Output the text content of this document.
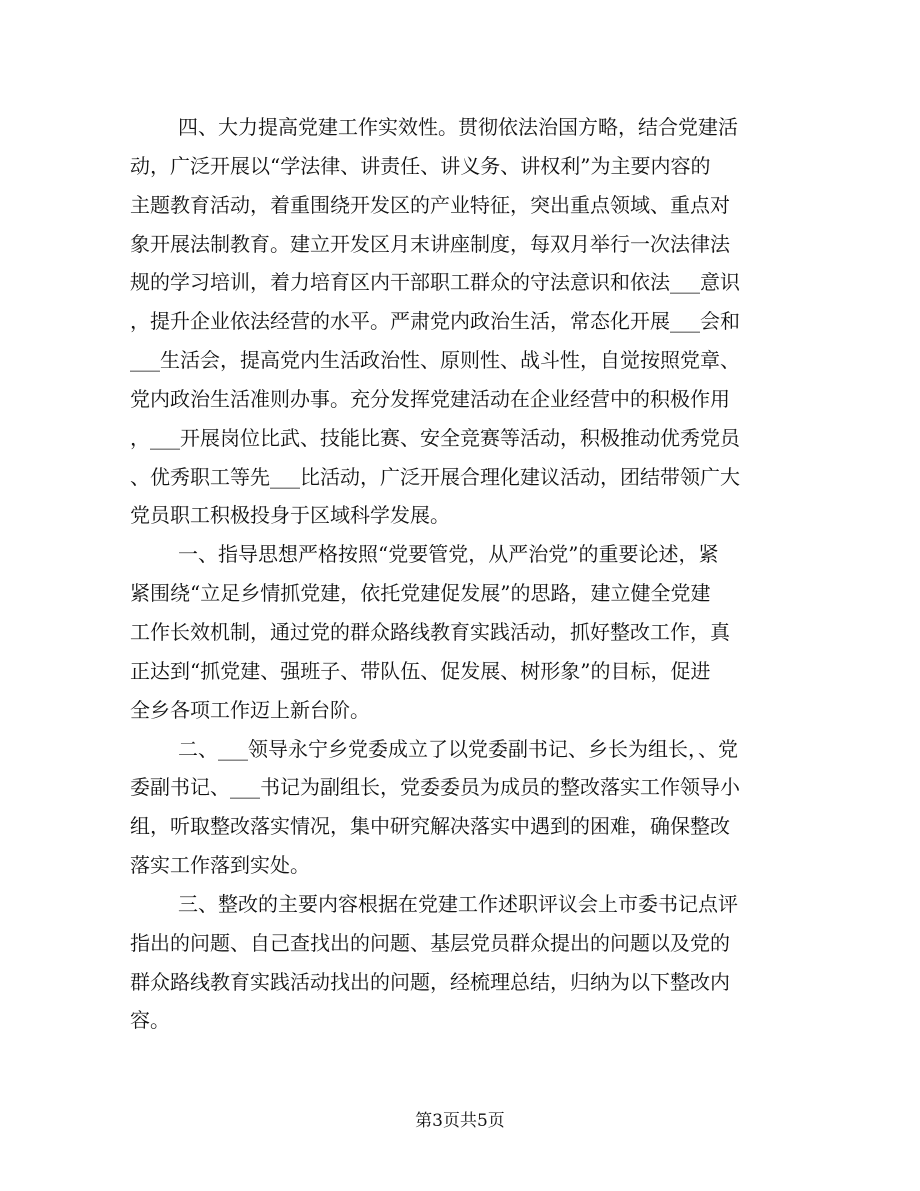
四、大力提高党建工作实效性。贯彻依法治国方略，结合党建活
动，广泛开展以“学法律、讲责任、讲义务、讲权利”为主要内容的
主题教育活动，着重围绕开发区的产业特征，突出重点领域、重点对
象开展法制教育。建立开发区月末讲座制度，每双月举行一次法律法
规的学习培训，着力培育区内干部职工群众的守法意识和依法___意识
，提升企业依法经营的水平。严肃党内政治生活，常态化开展___会和
___生活会，提高党内生活政治性、原则性、战斗性，自觉按照党章、
党内政治生活准则办事。充分发挥党建活动在企业经营中的积极作用
，___开展岗位比武、技能比赛、安全竞赛等活动，积极推动优秀党员
、优秀职工等先___比活动，广泛开展合理化建议活动，团结带领广大
党员职工积极投身于区域科学发展。
一、指导思想严格按照“党要管党，从严治党”的重要论述，紧
紧围绕“立足乡情抓党建，依托党建促发展”的思路，建立健全党建
工作长效机制，通过党的群众路线教育实践活动，抓好整改工作，真
正达到“抓党建、强班子、带队伍、促发展、树形象”的目标，促进
全乡各项工作迈上新台阶。
二、___领导永宁乡党委成立了以党委副书记、乡长为组长，、党
委副书记、___书记为副组长，党委委员为成员的整改落实工作领导小
组，听取整改落实情况，集中研究解决落实中遇到的困难，确保整改
落实工作落到实处。
三、整改的主要内容根据在党建工作述职评议会上市委书记点评
指出的问题、自己查找出的问题、基层党员群众提出的问题以及党的
群众路线教育实践活动找出的问题，经梳理总结，归纳为以下整改内
容。
第3页共5页
